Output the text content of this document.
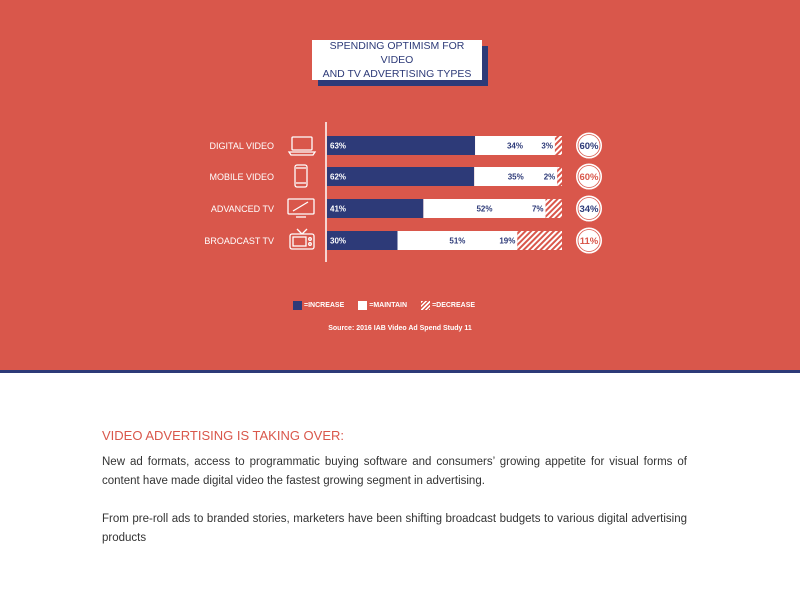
SPENDING OPTIMISM FOR VIDEO
AND TV ADVERTISING TYPES
DIGITAL VIDEO	63%	34% 3%	60%
MOBILE VIDEO	62%	35% 2%	60%
ADVANCED TV	41%	52%	7%	34%
BROADCAST TV	30%	51%	19%	11%
=INCREASE	=MAINTAIN	=DECREASE
Source: 2016 IAB Video Ad Spend Study 11
VIDEO ADVERTISING IS TAKING OVER:

New ad formats, access to programmatic buying software and consumers’ growing appetite for visual forms of content have made digital video the fastest growing segment in advertising.

From pre-roll ads to branded stories, marketers have been shifting broadcast budgets to various digital advertising products
